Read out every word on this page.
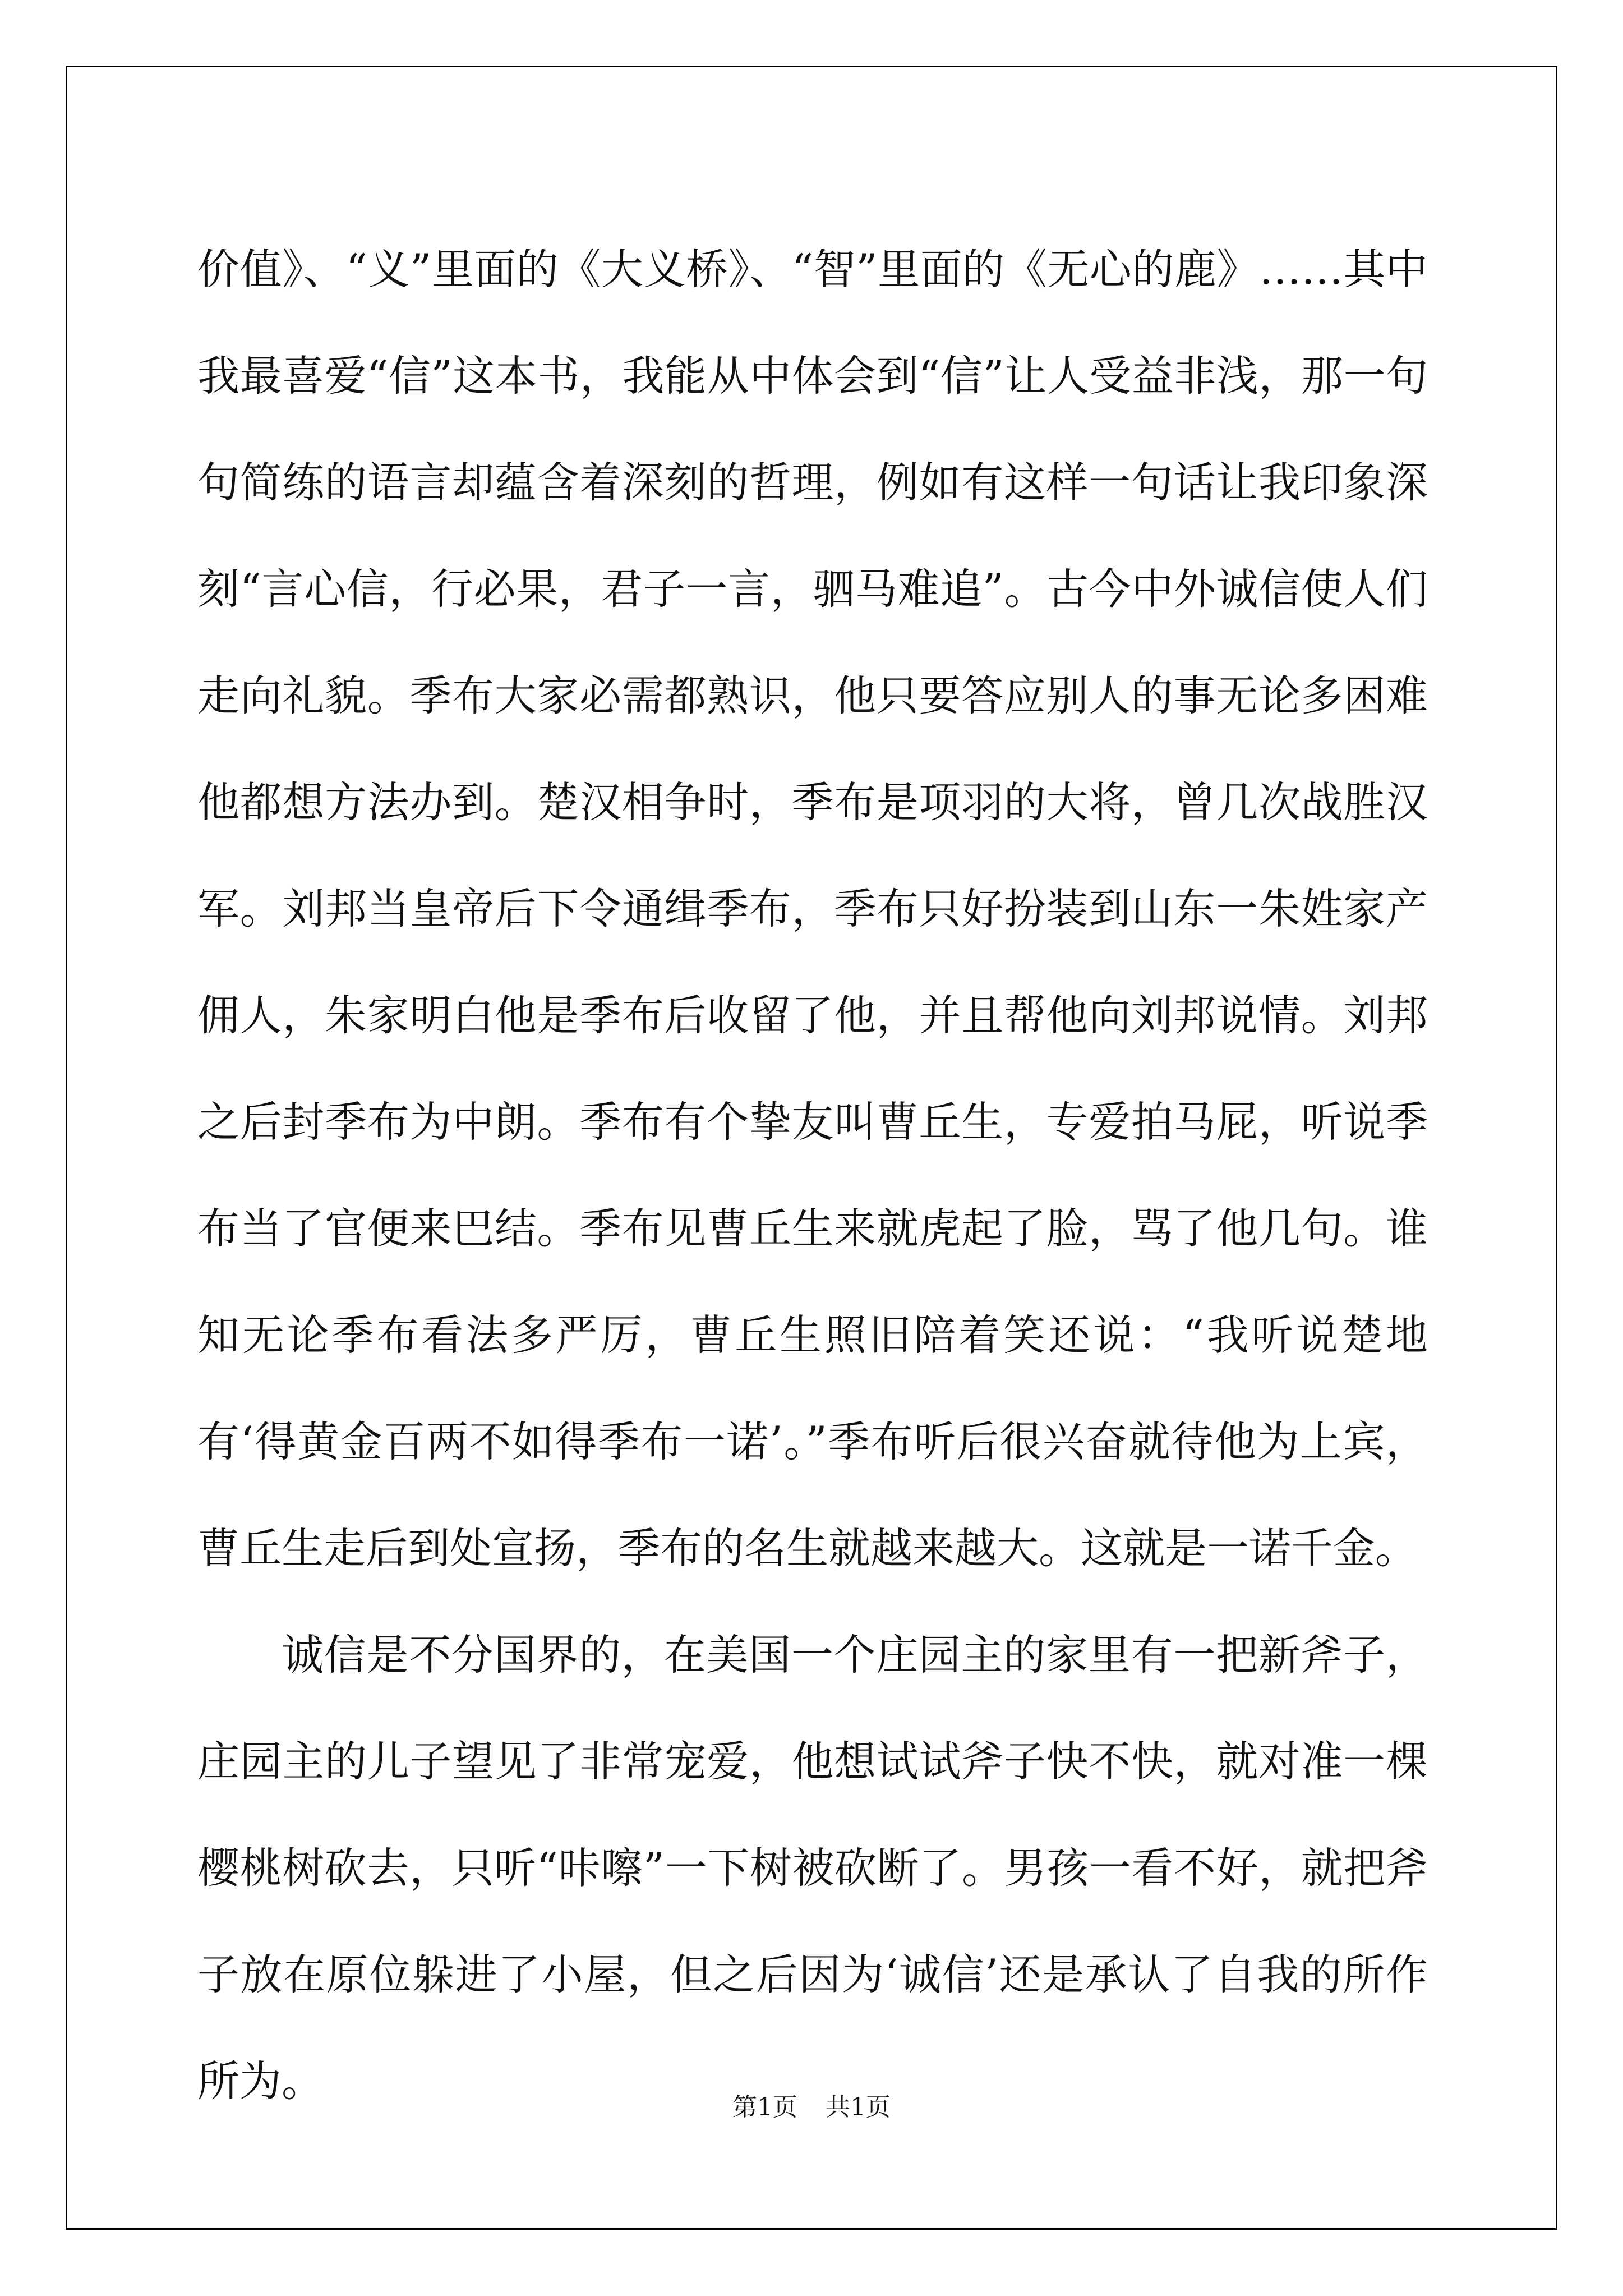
价值》、“义”里面的《大义桥》、“智”里面的《无心的鹿》……其中我最喜爱“信”这本书，我能从中体会到“信”让人受益非浅，那一句句简练的语言却蕴含着深刻的哲理，例如有这样一句话让我印象深刻“言心信，行必果，君子一言，驷马难追”。古今中外诚信使人们走向礼貌。季布大家必需都熟识，他只要答应别人的事无论多困难他都想方法办到。楚汉相争时，季布是项羽的大将，曾几次战胜汉军。刘邦当皇帝后下令通缉季布，季布只好扮装到山东一朱姓家产佣人，朱家明白他是季布后收留了他，并且帮他向刘邦说情。刘邦之后封季布为中朗。季布有个挚友叫曹丘生，专爱拍马屁，听说季布当了官便来巴结。季布见曹丘生来就虎起了脸，骂了他几句。谁知无论季布看法多严厉，曹丘生照旧陪着笑还说：“我听说楚地有‘得黄金百两不如得季布一诺’。”季布听后很兴奋就待他为上宾，曹丘生走后到处宣扬，季布的名生就越来越大。这就是一诺千金。

诚信是不分国界的，在美国一个庄园主的家里有一把新斧子，庄园主的儿子望见了非常宠爱，他想试试斧子快不快，就对准一棵樱桃树砍去，只听“咔嚓”一下树被砍断了。男孩一看不好，就把斧子放在原位躲进了小屋，但之后因为‘诚信’还是承认了自我的所作所为。

第1页 共1页
